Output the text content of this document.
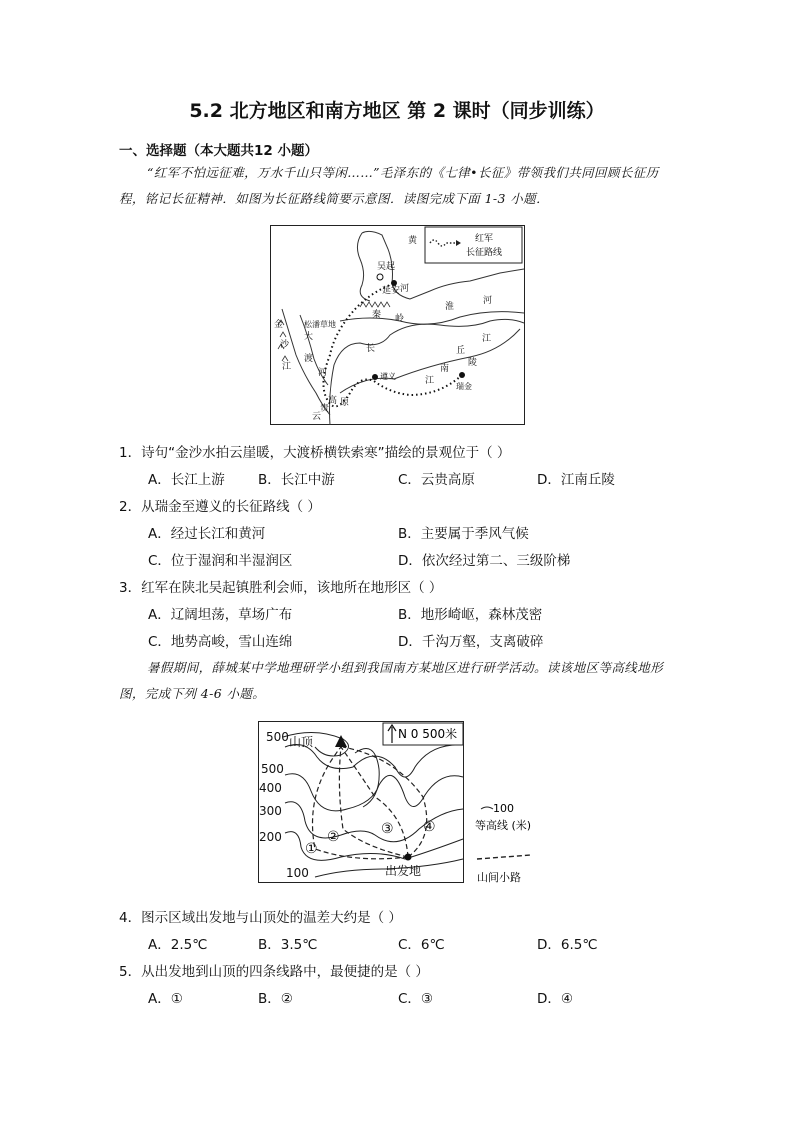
5.2 北方地区和南方地区 第 2 课时（同步训练）
一、选择题（本大题共12 小题）
“红军不怕远征难，万水千山只等闲……”毛泽东的《七律•长征》带领我们共同回顾长征历程，铭记长征精神．如图为长征路线简要示意图．读图完成下面 1-3 小题．
红军
长征路线
黄
河
吴起
延安
淮
河
秦 岭
松潘草地
金
沙
江
大
渡
河
长
江
遵义	江
南
丘
陵
瑞金
云
贵
高 原
1．诗句“金沙水拍云崖暖，大渡桥横铁索寒”描绘的景观位于（ ）
A．长江上游 B．长江中游	C．云贵高原	D．江南丘陵
2．从瑞金至遵义的长征路线（ ）
A．经过长江和黄河	B．主要属于季风气候
C．位于湿润和半湿润区	D．依次经过第二、三级阶梯
3．红军在陕北吴起镇胜利会师，该地所在地形区（ ）
A．辽阔坦荡，草场广布	B．地形崎岖，森林茂密
C．地势高峻，雪山连绵	D．千沟万壑，支离破碎
暑假期间，薛城某中学地理研学小组到我国南方某地区进行研学活动。读该地区等高线地形图，完成下列 4-6 小题。
N 0 500米
山顶
500
500
400
300
200
100
①
②	③ ④
出发地
100
等高线 (米)
山间小路
4．图示区域出发地与山顶处的温差大约是（ ）
A．2.5℃	B．3.5℃	C．6℃	D．6.5℃
5．从出发地到山顶的四条线路中，最便捷的是（ ）
A．①	B．②	C．③	D．④
